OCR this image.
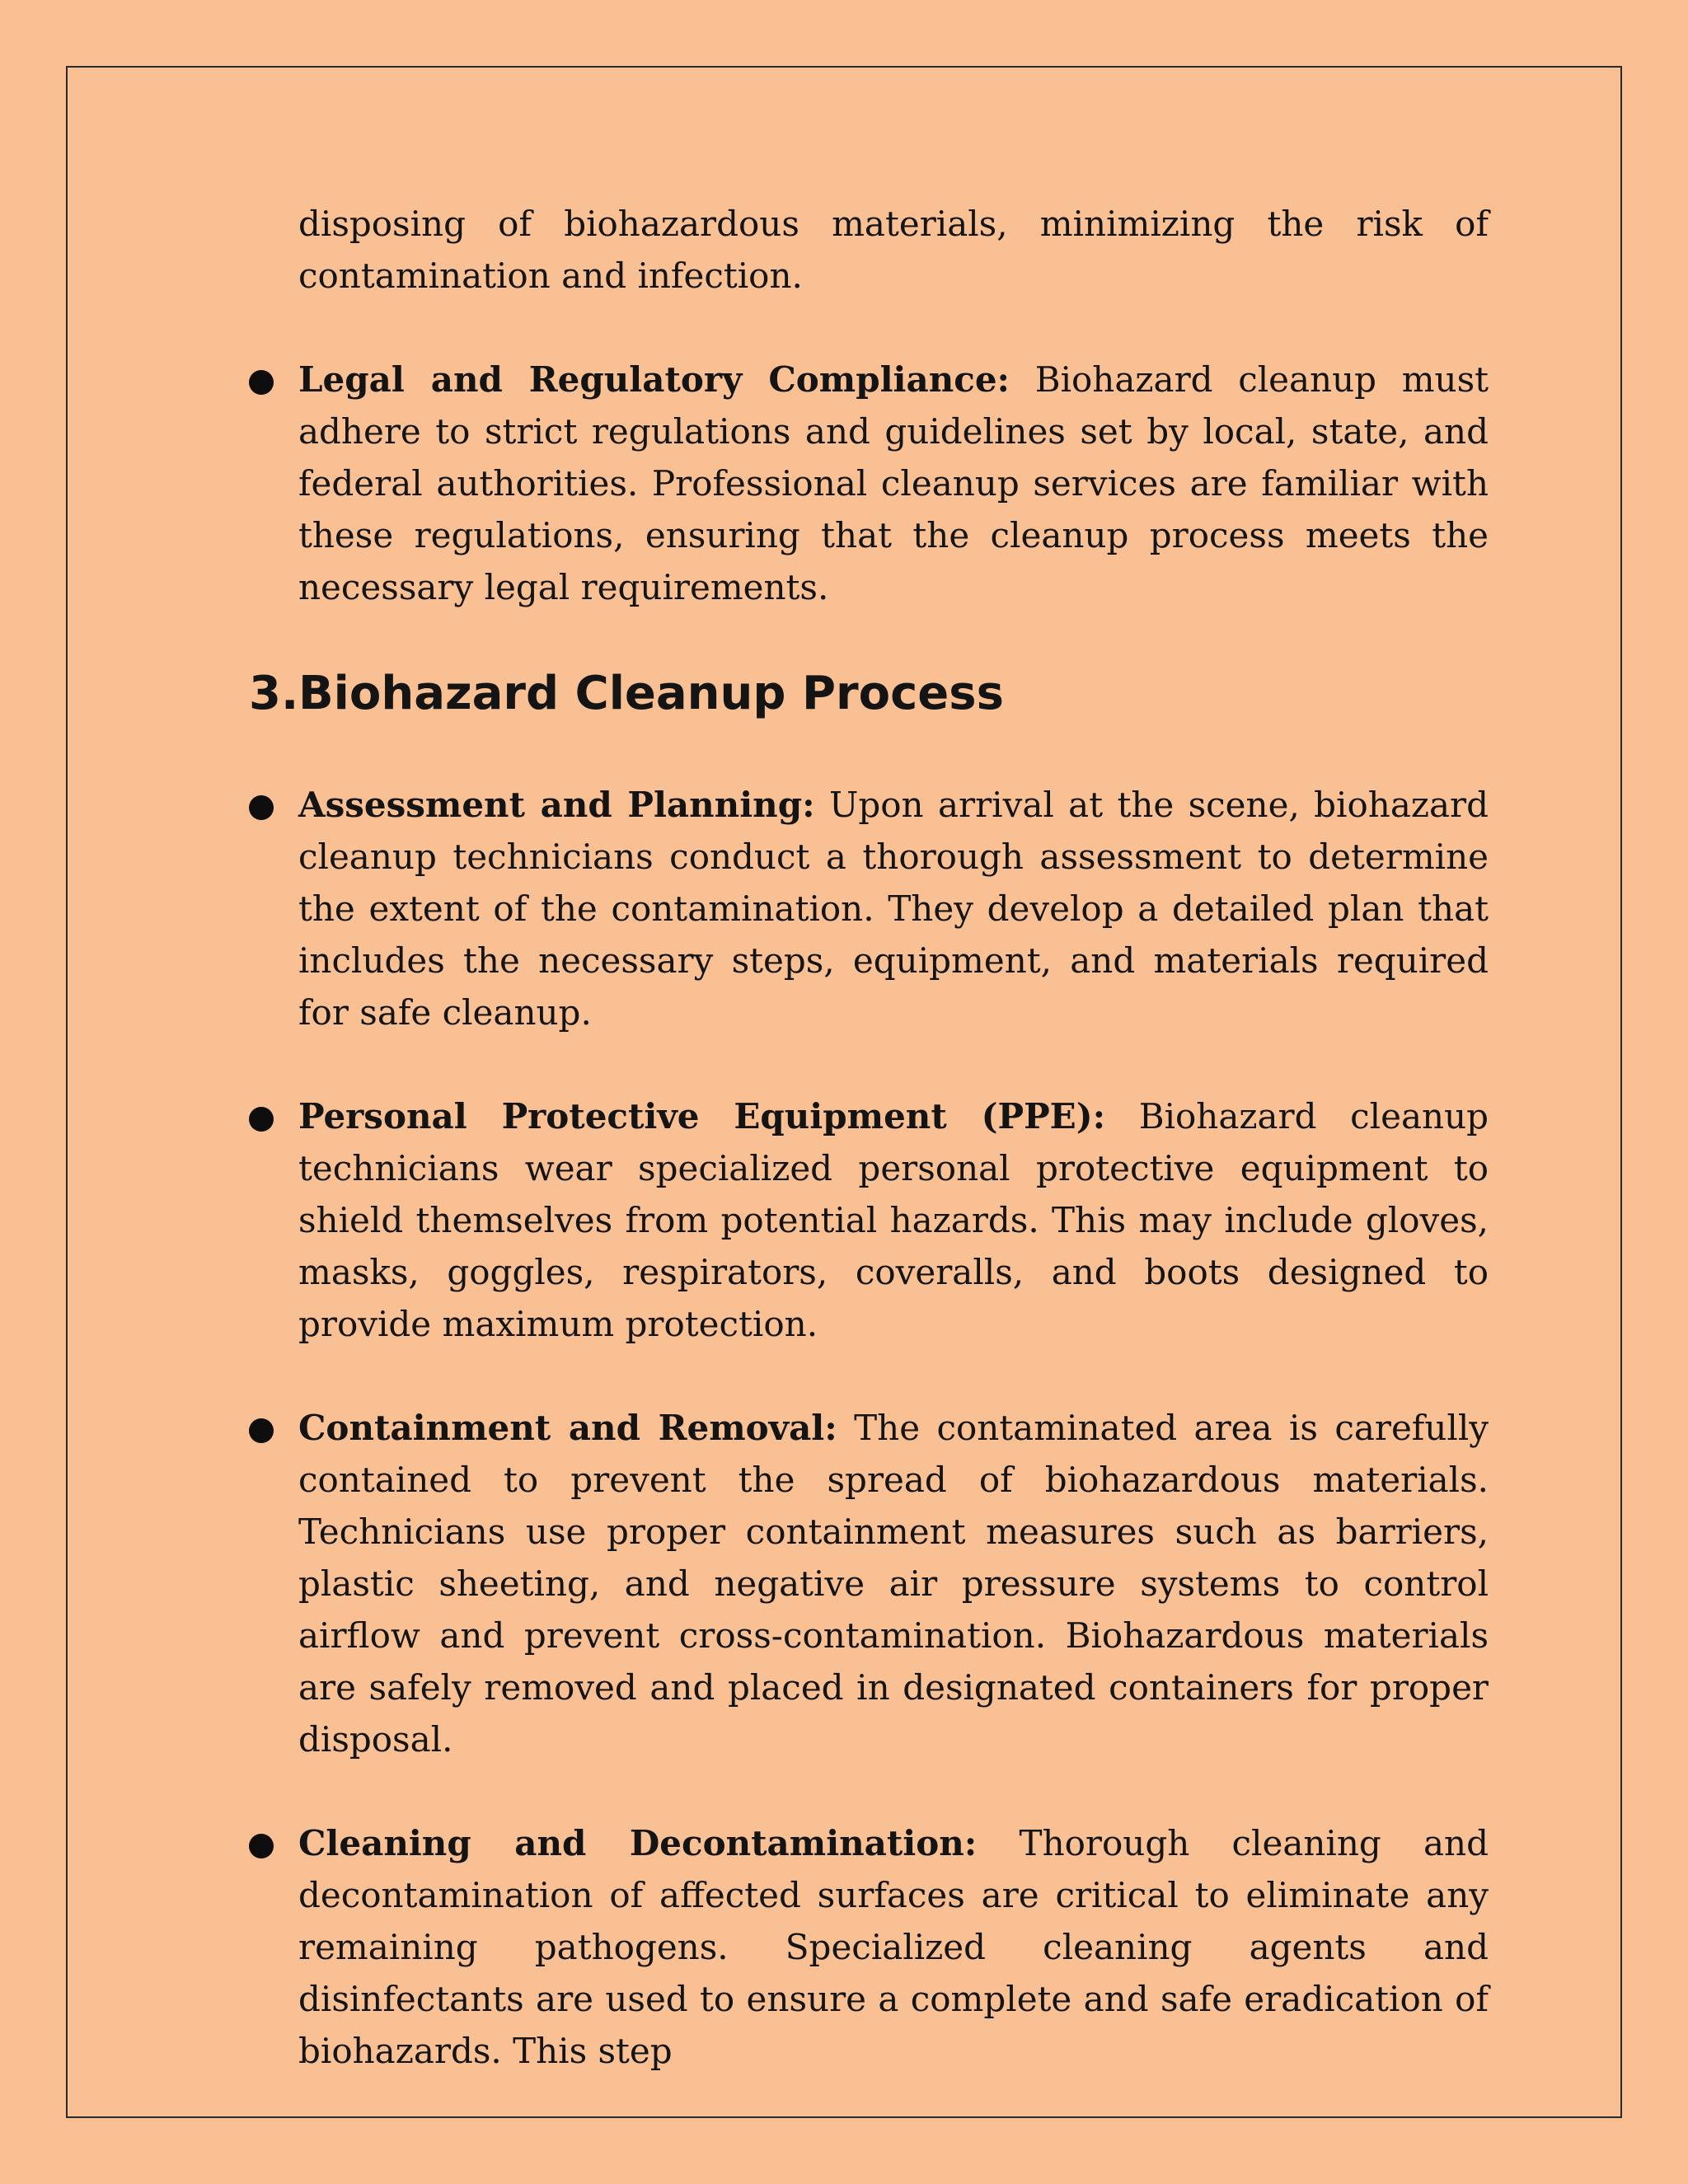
disposing of biohazardous materials, minimizing the risk of contamination and infection.

Legal and Regulatory Compliance: Biohazard cleanup must adhere to strict regulations and guidelines set by local, state, and federal authorities. Professional cleanup services are familiar with these regulations, ensuring that the cleanup process meets the necessary legal requirements.

3. Biohazard Cleanup Process

Assessment and Planning: Upon arrival at the scene, biohazard cleanup technicians conduct a thorough assessment to determine the extent of the contamination. They develop a detailed plan that includes the necessary steps, equipment, and materials required for safe cleanup.

Personal Protective Equipment (PPE): Biohazard cleanup technicians wear specialized personal protective equipment to shield themselves from potential hazards. This may include gloves, masks, goggles, respirators, coveralls, and boots designed to provide maximum protection.

Containment and Removal: The contaminated area is carefully contained to prevent the spread of biohazardous materials. Technicians use proper containment measures such as barriers, plastic sheeting, and negative air pressure systems to control airflow and prevent cross-contamination. Biohazardous materials are safely removed and placed in designated containers for proper disposal.

Cleaning and Decontamination: Thorough cleaning and decontamination of affected surfaces are critical to eliminate any remaining pathogens. Specialized cleaning agents and disinfectants are used to ensure a complete and safe eradication of biohazards. This step
